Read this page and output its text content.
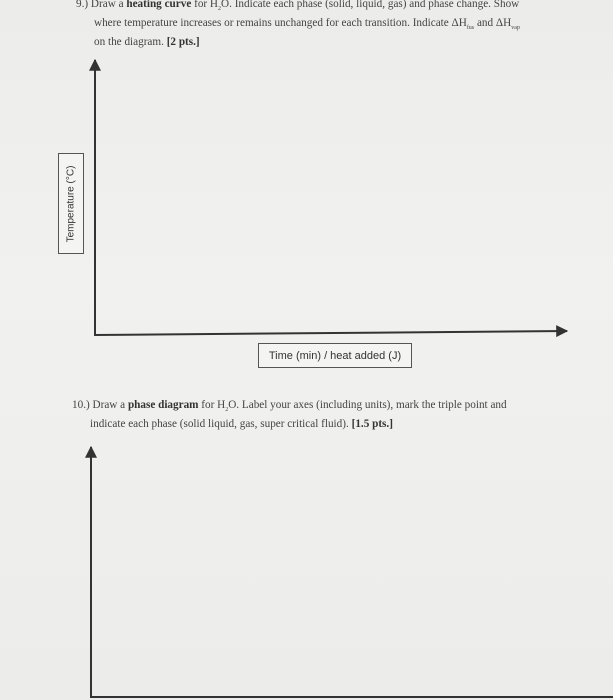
9.) Draw a heating curve for $H_2O$. Indicate each phase (solid, liquid, gas) and phase change. Show
where temperature increases or remains unchanged for each transition. Indicate $\Delta H_{fus}$ and $\Delta H_{vap}$
on the diagram. [2 pts.]
Temperature (°C)
Time (min) / heat added (J)
10.) Draw a phase diagram for $H_2O$. Label your axes (including units), mark the triple point and
indicate each phase (solid liquid, gas, super critical fluid). [1.5 pts.]
